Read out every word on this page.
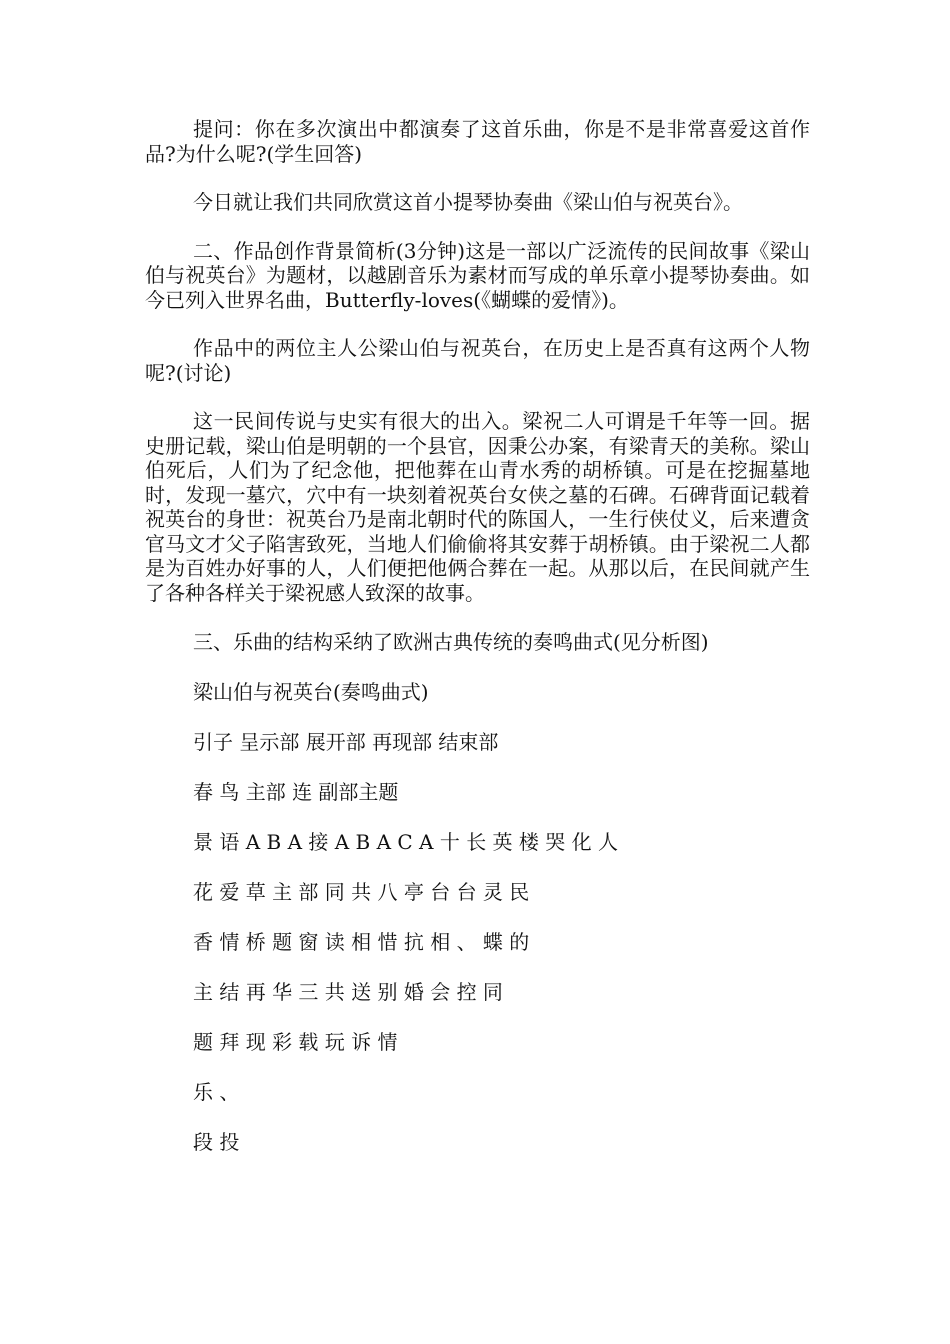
提问：你在多次演出中都演奏了这首乐曲，你是不是非常喜爱这首作品?为什么呢?(学生回答)

今日就让我们共同欣赏这首小提琴协奏曲《梁山伯与祝英台》。

二、作品创作背景简析(3分钟)这是一部以广泛流传的民间故事《梁山伯与祝英台》为题材，以越剧音乐为素材而写成的单乐章小提琴协奏曲。如今已列入世界名曲，Butterfly-loves(《蝴蝶的爱情》)。

作品中的两位主人公梁山伯与祝英台，在历史上是否真有这两个人物呢?(讨论)

这一民间传说与史实有很大的出入。梁祝二人可谓是千年等一回。据史册记载，梁山伯是明朝的一个县官，因秉公办案，有梁青天的美称。梁山伯死后，人们为了纪念他，把他葬在山青水秀的胡桥镇。可是在挖掘墓地时，发现一墓穴，穴中有一块刻着祝英台女侠之墓的石碑。石碑背面记载着祝英台的身世：祝英台乃是南北朝时代的陈国人，一生行侠仗义，后来遭贪官马文才父子陷害致死，当地人们偷偷将其安葬于胡桥镇。由于梁祝二人都是为百姓办好事的人，人们便把他俩合葬在一起。从那以后，在民间就产生了各种各样关于梁祝感人致深的故事。

三、乐曲的结构采纳了欧洲古典传统的奏鸣曲式(见分析图)

梁山伯与祝英台(奏鸣曲式)

引子 呈示部 展开部 再现部 结束部

春 鸟 主部 连 副部主题

景 语 A B A 接 A B A C A 十 长 英 楼 哭 化 人

花 爱 草 主 部 同 共 八 亭 台 台 灵 民

香 情 桥 题 窗 读 相 惜 抗 相 、 蝶 的

主 结 再 华 三 共 送 别 婚 会 控 同

题 拜 现 彩 载 玩 诉 情

乐 、

段 投
